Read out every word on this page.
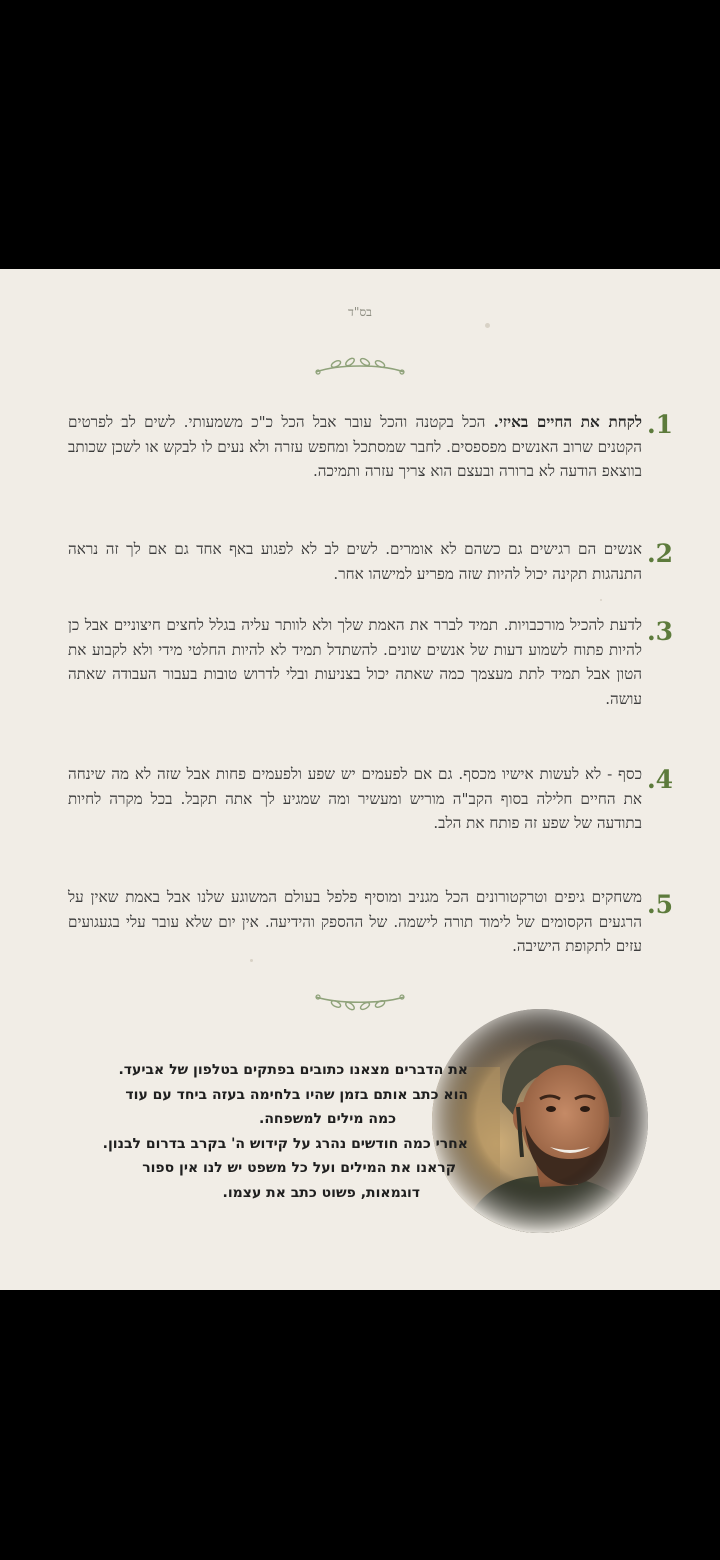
בס"ד
.1
לקחת את החיים באיזי. הכל בקטנה והכל עובר אבל הכל כ"כ משמעותי. לשים לב לפרטים הקטנים שרוב האנשים מפספסים. לחבר שמסתכל ומחפש עזרה ולא נעים לו לבקש או לשכן שכותב בווצאפ הודעה לא ברורה ובעצם הוא צריך עזרה ותמיכה.
.2
אנשים הם רגישים גם כשהם לא אומרים. לשים לב לא לפגוע באף אחד גם אם לך זה נראה התנהגות תקינה יכול להיות שזה מפריע למישהו אחר.
.3
לדעת להכיל מורכבויות. תמיד לברר את האמת שלך ולא לוותר עליה בגלל לחצים חיצוניים אבל כן להיות פתוח לשמוע דעות של אנשים שונים. להשתדל תמיד לא להיות החלטי מידי ולא לקבוע את הטון אבל תמיד לתת מעצמך כמה שאתה יכול בצניעות ובלי לדרוש טובות בעבור העבודה שאתה עושה.
.4
כסף - לא לעשות אישיו מכסף. גם אם לפעמים יש שפע ולפעמים פחות אבל שזה לא מה שינחה את החיים חלילה בסוף הקב"ה מוריש ומעשיר ומה שמגיע לך אתה תקבל. בכל מקרה לחיות בתודעה של שפע זה פותח את הלב.
.5
משחקים גיפים וטרקטורונים הכל מגניב ומוסיף פלפל בעולם המשוגע שלנו אבל באמת שאין על הרגעים הקסומים של לימוד תורה לישמה. של ההספק והידיעה. אין יום שלא עובר עלי בגעגועים עזים לתקופת הישיבה.
את הדברים מצאנו כתובים בפתקים בטלפון של אביעד.
הוא כתב אותם בזמן שהיו בלחימה בעזה ביחד עם עוד
כמה מילים למשפחה.
אחרי כמה חודשים נהרג על קידוש ה' בקרב בדרום לבנון.
קראנו את המילים ועל כל משפט יש לנו אין ספור
דוגמאות, פשוט כתב את עצמו.
